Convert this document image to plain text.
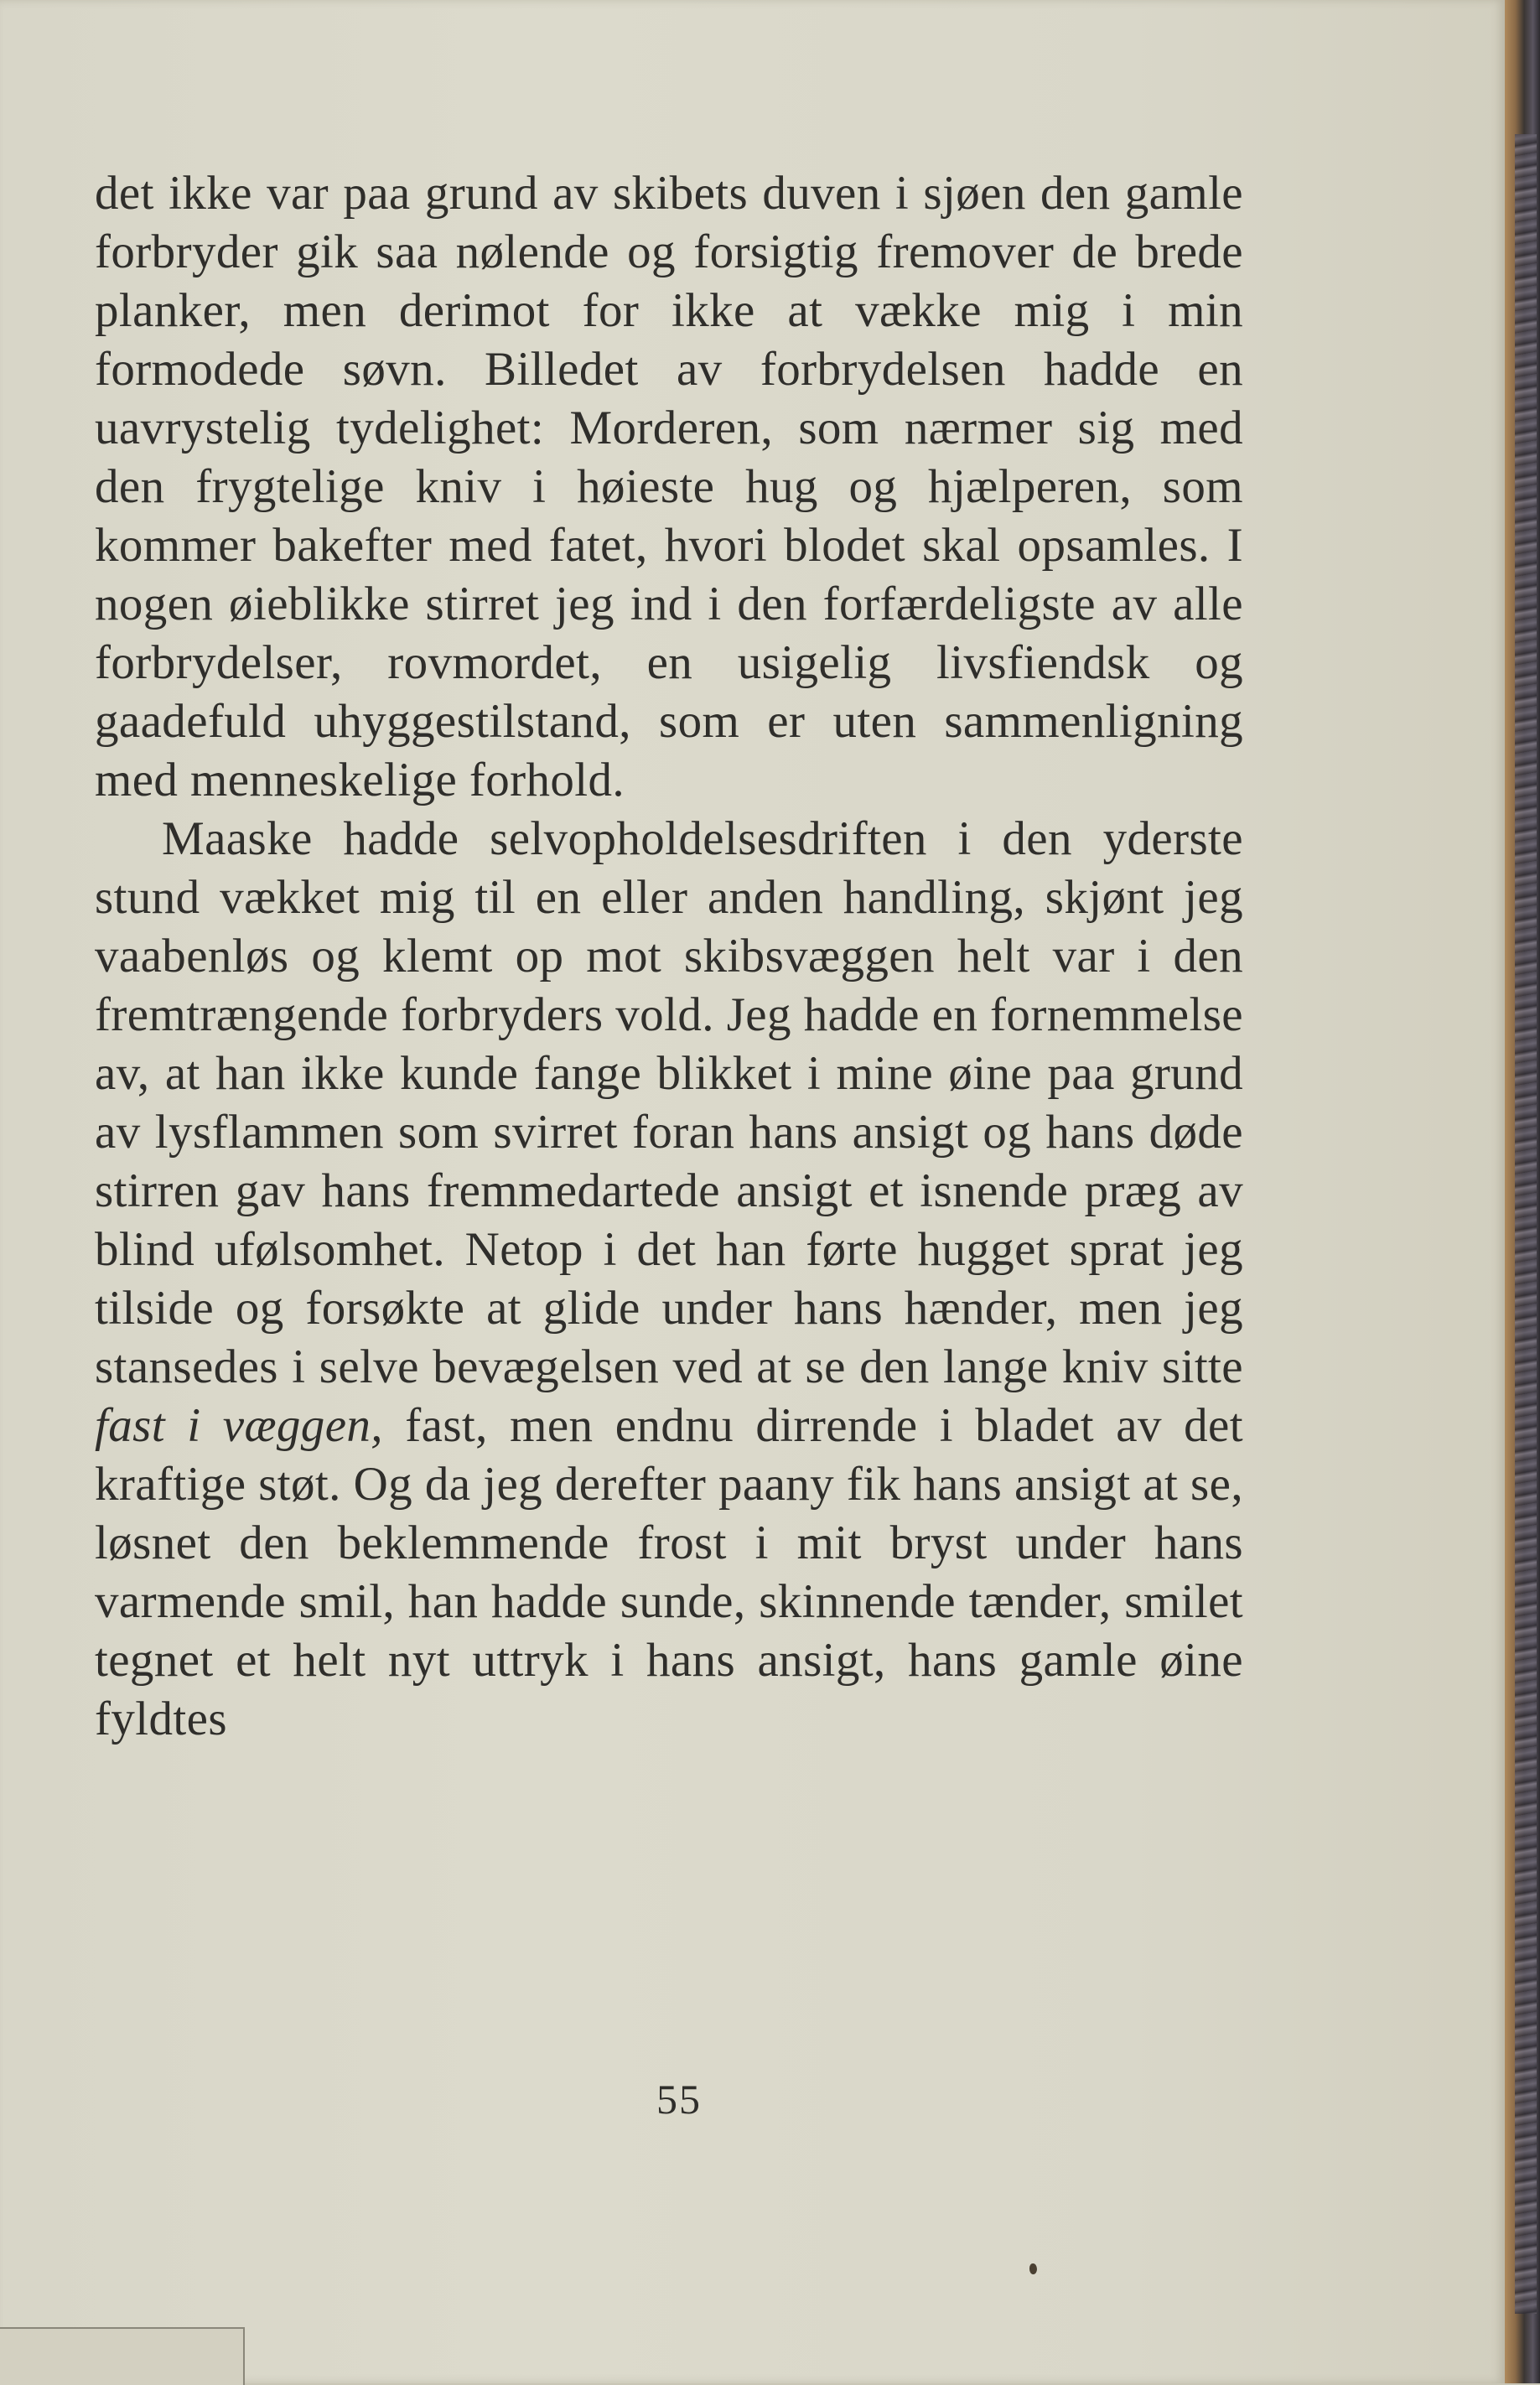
det ikke var paa grund av skibets duven i sjøen den gamle forbryder gik saa nølende og forsigtig fremover de brede planker, men derimot for ikke at vække mig i min formodede søvn. Billedet av forbrydelsen hadde en uavrystelig tydelighet: Morderen, som nærmer sig med den frygtelige kniv i høieste hug og hjælperen, som kommer bakefter med fatet, hvori blodet skal opsamles. I nogen øieblikke stirret jeg ind i den forfærdeligste av alle forbrydelser, rovmordet, en usigelig livsfiendsk og gaadefuld uhyggestilstand, som er uten sammenligning med menneskelige forhold.

Maaske hadde selvopholdelsesdriften i den yderste stund vækket mig til en eller anden handling, skjønt jeg vaabenløs og klemt op mot skibsvæggen helt var i den fremtrængende forbryders vold. Jeg hadde en fornemmelse av, at han ikke kunde fange blikket i mine øine paa grund av lysflammen som svirret foran hans ansigt og hans døde stirren gav hans fremmedartede ansigt et isnende præg av blind ufølsomhet. Netop i det han førte hugget sprat jeg tilside og forsøkte at glide under hans hænder, men jeg stansedes i selve bevægelsen ved at se den lange kniv sitte fast i væggen, fast, men endnu dirrende i bladet av det kraftige støt. Og da jeg derefter paany fik hans ansigt at se, løsnet den beklemmende frost i mit bryst under hans varmende smil, han hadde sunde, skinnende tænder, smilet tegnet et helt nyt uttryk i hans ansigt, hans gamle øine fyldtes

55
